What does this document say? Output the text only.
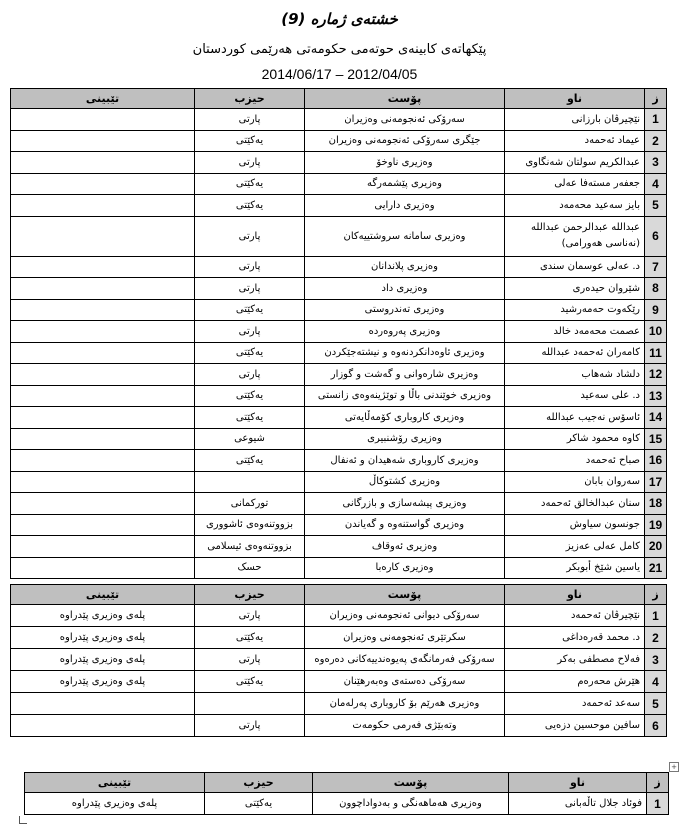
خشتەی ژمارە (9)
پێکهاتەی کابینەی حوتەمی حکومەتی هەرێمی کوردستان
2014/06/17 – 2012/04/05
ز	ناو	پۆست	حیزب	تێبینی
1	نێچیرڤان بارزانی	سەرۆکی ئەنجومەنی وەزیران	پارتی	
2	عیماد ئەحمەد	جێگری سەرۆکی ئەنجومەنی وەزیران	یەکێتی	
3	عبدالکریم سولتان شەنگاوی	وەزیری ناوخۆ	پارتی	
4	جعفەر مستەفا عەلی	وەزیری پێشمەرگە	یەکێتی	
5	بایز سەعید محەمەد	وەزیری دارایی	یەکێتی	
6	عبدالله عبدالرحمن عبدالله (نەناسی هەورامی)	وەزیری سامانە سروشتییەکان	پارتی	
7	د. عەلی عوسمان سندی	وەزیری پلاندانان	پارتی	
8	شێروان حیدەری	وەزیری داد	پارتی	
9	رێکەوت حەمەرشید	وەزیری تەندروستی	یەکێتی	
10	عصمت محەمەد خالد	وەزیری پەروەردە	پارتی	
11	کامەران ئەحمەد عبدالله	وەزیری ئاوەدانکردنەوە و نیشتەجێکردن	یەکێتی	
12	دلشاد شەهاب	وەزیری شارەوانی و گەشت و گوزار	پارتی	
13	د. علی سەعید	وەزیری خوێندنی باڵا و توێژینەوەی زانستی	یەکێتی	
14	ئاسۆس نەجیب عبدالله	وەزیری کاروباری کۆمەڵایەتی	یەکێتی	
15	کاوە محمود شاکر	وەزیری رۆشنبیری	شیوعی	
16	صباح ئەحمەد	وەزیری کاروباری شەهیدان و ئەنفال	یەکێتی	
17	سەروان بابان	وەزیری کشتوکاڵ		
18	سنان عبدالخالق ئەحمەد	وەزیری پیشەسازی و بازرگانی	تورکمانی	
19	جونسون سیاوش	وەزیری گواستنەوە و گەیاندن	بزووتنەوەی ئاشووری	
20	کامل عەلی عەزیز	وەزیری ئەوقاف	بزووتنەوەی ئیسلامی	
21	یاسین شێخ أبوبکر	وەزیری کارەبا	حسک	
ز	ناو	پۆست	حیزب	تێبینی
1	نێچیرڤان ئەحمەد	سەرۆکی دیوانی ئەنجومەنی وەزیران	پارتی	پلەی وەزیری پێدراوە
2	د. محمد قەرەداغی	سکرتێری ئەنجومەنی وەزیران	یەکێتی	پلەی وەزیری پێدراوە
3	فەلاح مصطفی بەکر	سەرۆکی فەرمانگەی پەیوەندییەکانی دەرەوە	پارتی	پلەی وەزیری پێدراوە
4	هێرش محەرەم	سەرۆکی دەستەی وەبەرهێنان	یەکێتی	پلەی وەزیری پێدراوە
5	سەعد ئەحمەد	وەزیری هەرێم بۆ کاروباری پەرلەمان		
6	سافین موحسین دزەیی	وتەبێژی فەرمی حکومەت	پارتی	
ز	ناو	پۆست	حیزب	تێبینی
1	فوئاد جلال تاڵەبانی	وەزیری هەماهەنگی و بەدواداچوون	یەکێتی	پلەی وەزیری پێدراوە
+
